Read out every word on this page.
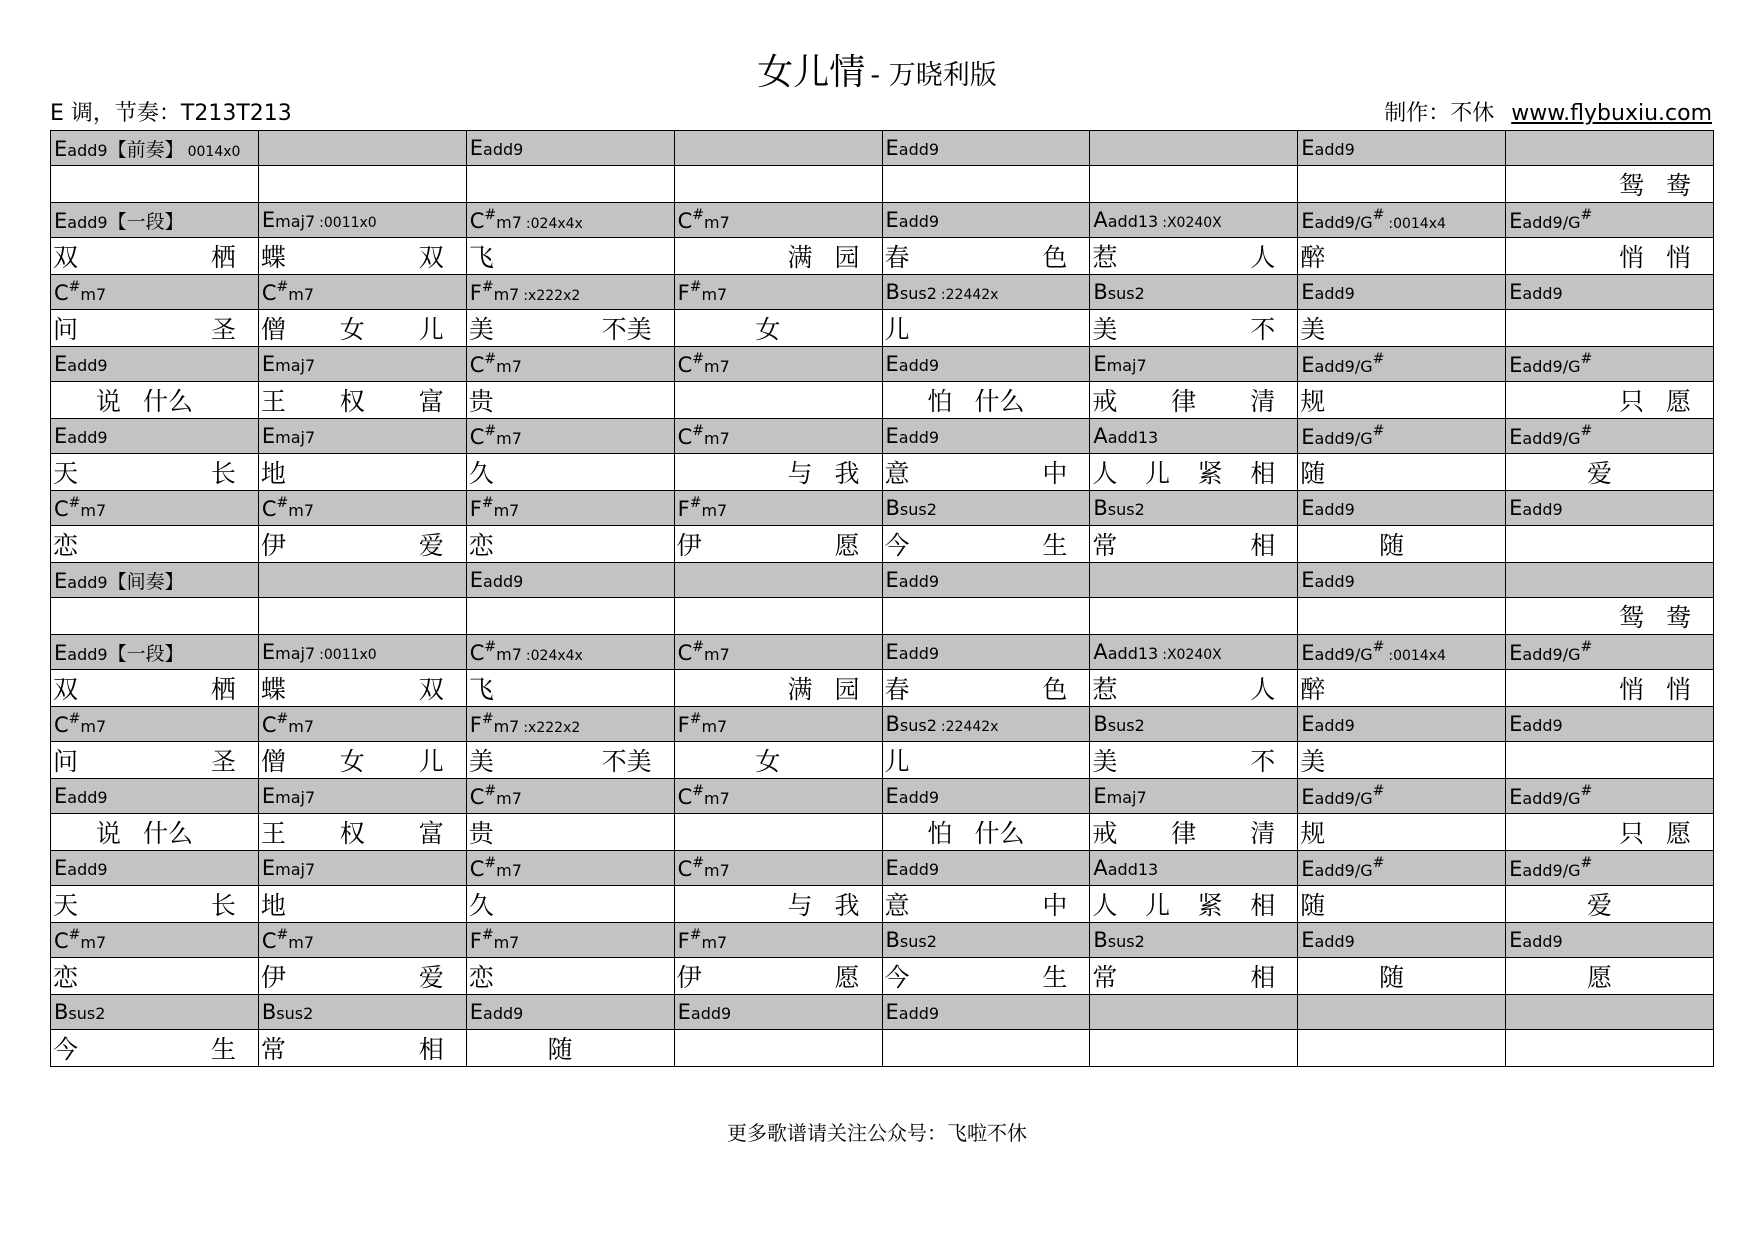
女儿情 - 万晓利版
E 调，节奏：T213T213	制作：不休 www.flybuxiu.com
Eadd9【前奏】 0014x0		Eadd9		Eadd9		Eadd9	

							鸳 鸯

Eadd9【一段】	Emaj7 :0011x0	C#m7 :024x4x	C#m7	Eadd9	Aadd13 :X0240X	Eadd9/G#:0014x4	Eadd9/G#

双 栖	蝶 双	飞	满 园	春 色	惹 人	醉	悄 悄

C#m7	C#m7	F#m7 :x222x2	F#m7	Bsus2 :22442x	Bsus2	Eadd9	Eadd9

问 圣	僧 女 儿	美 不美	女	儿	美 不	美	

Eadd9	Emaj7	C#m7	C#m7	Eadd9	Emaj7	Eadd9/G#	Eadd9/G#

说 什么	王 权 富	贵		怕 什么	戒 律 清	规	只 愿

Eadd9	Emaj7	C#m7	C#m7	Eadd9	Aadd13	Eadd9/G#	Eadd9/G#

天 长	地	久	与 我	意 中	人 儿 紧 相	随	爱

C#m7	C#m7	F#m7	F#m7	Bsus2	Bsus2	Eadd9	Eadd9

恋	伊 爱	恋	伊 愿	今 生	常 相	随	

Eadd9【间奏】		Eadd9		Eadd9		Eadd9	

							鸳 鸯

Eadd9【一段】	Emaj7 :0011x0	C#m7 :024x4x	C#m7	Eadd9	Aadd13 :X0240X	Eadd9/G#:0014x4	Eadd9/G#

双 栖	蝶 双	飞	满 园	春 色	惹 人	醉	悄 悄

C#m7	C#m7	F#m7 :x222x2	F#m7	Bsus2 :22442x	Bsus2	Eadd9	Eadd9

问 圣	僧 女 儿	美 不美	女	儿	美 不	美	

Eadd9	Emaj7	C#m7	C#m7	Eadd9	Emaj7	Eadd9/G#	Eadd9/G#

说 什么	王 权 富	贵		怕 什么	戒 律 清	规	只 愿

Eadd9	Emaj7	C#m7	C#m7	Eadd9	Aadd13	Eadd9/G#	Eadd9/G#

天 长	地	久	与 我	意 中	人 儿 紧 相	随	爱

C#m7	C#m7	F#m7	F#m7	Bsus2	Bsus2	Eadd9	Eadd9

恋	伊 爱	恋	伊 愿	今 生	常 相	随	愿

Bsus2	Bsus2	Eadd9	Eadd9	Eadd9			

今 生	常 相	随					

更多歌谱请关注公众号：飞啦不休
